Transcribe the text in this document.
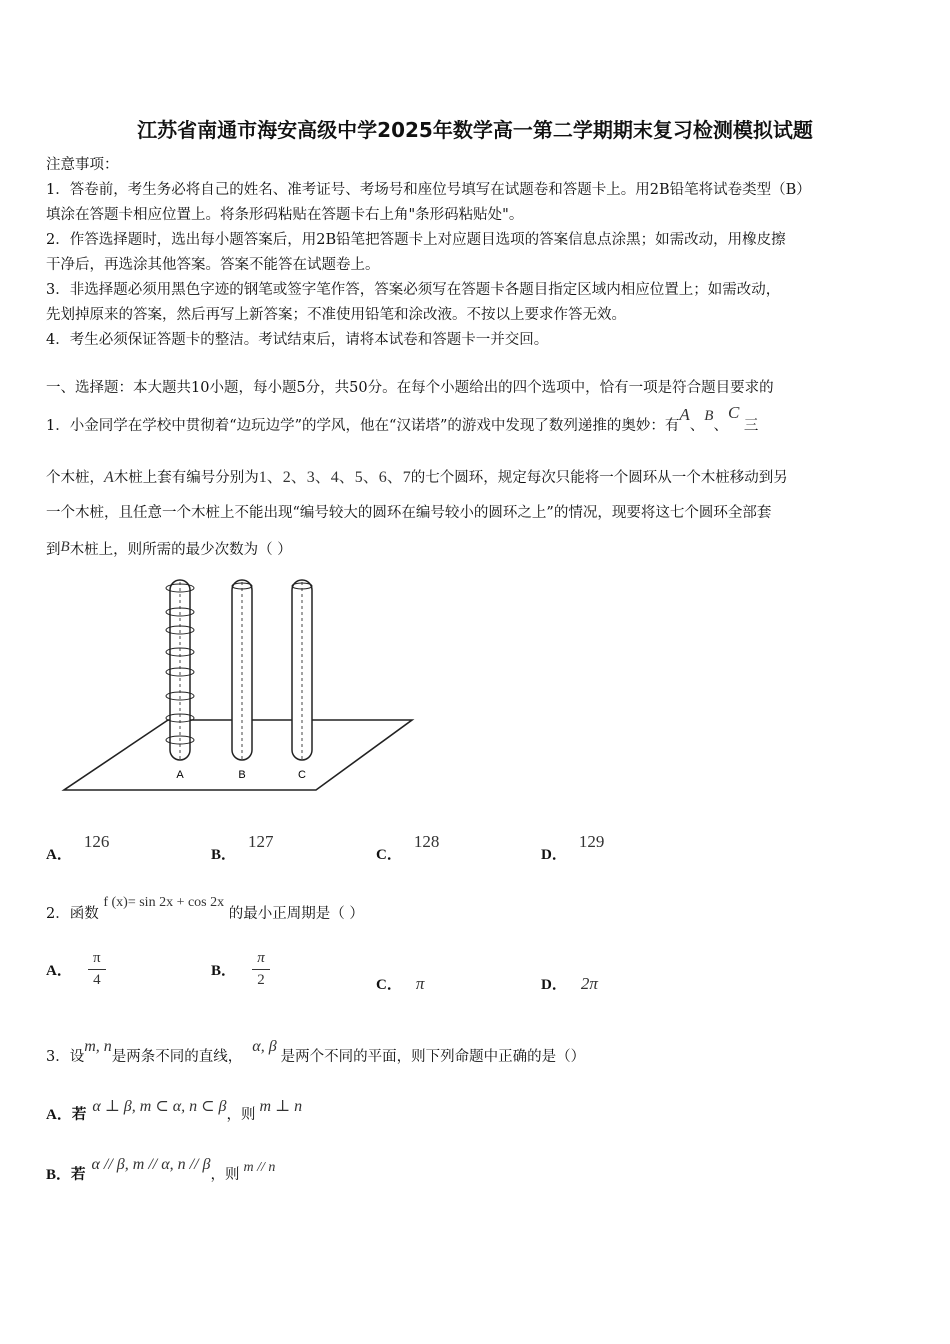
江苏省南通市海安高级中学2025年数学高一第二学期期末复习检测模拟试题
注意事项：
1．答卷前，考生务必将自己的姓名、准考证号、考场号和座位号填写在试题卷和答题卡上。用2B铅笔将试卷类型（B）
填涂在答题卡相应位置上。将条形码粘贴在答题卡右上角"条形码粘贴处"。
2．作答选择题时，选出每小题答案后，用2B铅笔把答题卡上对应题目选项的答案信息点涂黑；如需改动，用橡皮擦
干净后，再选涂其他答案。答案不能答在试题卷上。
3．非选择题必须用黑色字迹的钢笔或签字笔作答，答案必须写在答题卡各题目指定区域内相应位置上；如需改动，
先划掉原来的答案，然后再写上新答案；不准使用铅笔和涂改液。不按以上要求作答无效。
4．考生必须保证答题卡的整洁。考试结束后，请将本试卷和答题卡一并交回。
一、选择题：本大题共10小题，每小题5分，共50分。在每个小题给出的四个选项中，恰有一项是符合题目要求的
1．小金同学在学校中贯彻着“边玩边学”的学风，他在“汉诺塔”的游戏中发现了数列递推的奥妙：有A、B、C 三
个木桩，A木桩上套有编号分别为1、2、3、4、5、6、7的七个圆环，规定每次只能将一个圆环从一个木桩移动到另
一个木桩，且任意一个木桩上不能出现“编号较大的圆环在编号较小的圆环之上”的情况，现要将这七个圆环全部套
到B木桩上，则所需的最少次数为（ ）
A	B	C
A．126
B．127
C．128
D．129
2．函数 f (x)= sin 2x + cos 2x 的最小正周期是（ ）
A． $\frac{\pi}{4}$	B． $\frac{\pi}{2}$	C． π	D． 2π
3．设m, n是两条不同的直线，α, β是两个不同的平面，则下列命题中正确的是（）
A．若 α ⊥ β, m ⊂ α, n ⊂ β，则 m ⊥ n
B．若α // β, m // α, n // β，则 m // n
